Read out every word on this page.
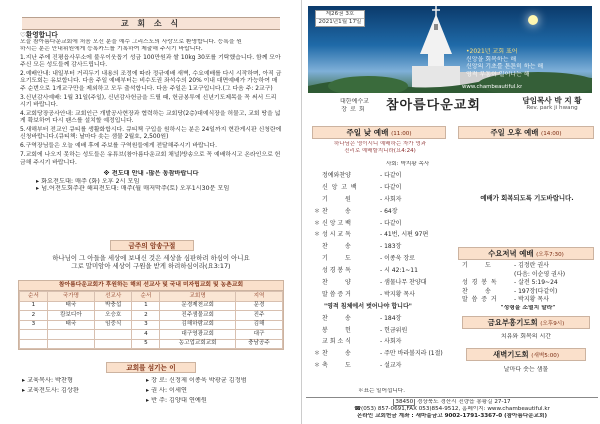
교 회 소 식
♡환영합니다
오늘 참아름다운교회에 처음 오신 분을 예수 그리스도의 사랑으로 환영합니다. 등록을 원
하시는 분은 안내위원에게 등록카드를 기록하여 제출해 주시기 바랍니다.
1.지난 주에 진평읍사무소에 불우이웃돕기 성금 100만원과 쌀 10kg 30포를 기탁했습니다. 함께 모아주신 모든 성도들께 감사드립니다.
2.예배안내: 내일부터 거리두기 내용의 조정에 따라 정규예배 새벽, 수요예배를 다시 시작하며, 아직 금요기도회는 유보합니다. 다음 주일 예배부터는 비수도권 좌석수의 20% 이내 대면예배가 가능하여 매주 순번으로 1개교구만을 제외하고 모두 출석합니다. 다음 주일은 1교구입니다.(그 다음 주: 2교구)
3.신년감사예배: 1월 31일(주일), 신년감사헌금을 드릴 때, 헌금봉투에 신년기도제목을 꼭 써서 드리시기 바랍니다.
4.교회당장공사안내: 교회인근 개발공사현장과 협력하는 교회당(2층)대예식장을 허물고, 교회 땅을 넓게 확보하여 다시 팬스를 설치할 예정입니다.
5.새해부터 전교인 큐티를 생활화합시다. 큐티책 구입을 원하시는 분은 24일까지 현관게시판 신청란에 신청바랍니다.(큐티책: 날마다 솟는 샘물 2월호, 2,500원)
6.구역장님들은 오늘 예배 후에 주보를 구역원들에게 전달해주시기 바랍니다.
7.교회에 나오지 못하는 성도들은 유튜브(참아름다운교회 채널)방송으로 꼭 예배하시고 온라인으로 헌금해 주시기 바랍니다.
※ 전도대 안내 -많은 동참바랍니다
▸ 화요전도대: 매주 (화) 오후 2시 모임
▸ 넘.어전도회주관 해피전도대: 매주(월 매저막주(토) 오후1시30분 모임
금주의 암송구절
하나님이 그 아들을 세상에 보내신 것은 세상을 심판하려 하심이 아니요
그로 말미암아 세상이 구원을 받게 하려하심이라(요3:17)
참아름다운교회가 후원하는 해외 선교사 및 국내 미자립교회 및 농촌교회
순서	국가명	선교사	순서	교회명	지역
1	태국	박충섭	1	문경제천교회	문경
2	캄보디아	오승호	2	진주샘물교회	진주
3	태국	임중식	3	김해하람교회	김해
			4	대구영광교회	대구
			5	농고업교회교회	충남공주
교회를 섬기는 이
▸ 교육목사: 박찬형
▸ 교육전도사: 김상완
▸ 장 로: 신정제 이종욱 박광균 김정범
▸ 권 사: 이세연
▸ 반 주: 김양대 연예원
제26권 3호
2021년1월 17일
•2021년 교회 표어
신앙을 회복하는 해
신앙의 기초를 튼튼히 하는 해
영적 부흥이 일어나는 해
www.chambeautiful.kr
대한예수교
장로회 참아름다운교회	담임목사 박 지 황
Rev. park ji hwang
주일 낮 예배 (11:00)
하나님은 영이시니 예배하는 자가 영과
진리로 예배할지니라(요4:24)
사회: 박지황 목사
정예와찬양	- 다같이
신  앙  고  백	- 다같이
기         원	- 사회자
＊ 찬         송	- 64장
＊ 신 앙 고 백	- 다같이
＊ 성 시 교 독	- 41번, 시편 97편
찬         송	- 183장
기         도	- 이종욱 장로
성 경 봉 독	- 시 42:1~11
찬         양	- 샘물나무 찬양대
말 씀 증 거	- 박지황 목사
"영적 침체에서 벗어나야 합니다"
찬         송	- 184장
봉         헌	- 헌금위원
교 회 소 식	- 사회자
＊ 찬         송	- 주만 바라볼지라 (1절)
＊ 축         도	- 설교자
＊표는 일어섭니다.
주일 오후 예배 (14:00)
예배가 회복되도록 기도바랍니다.
수요저녁 예배 (오후7:30)
기         도	- 김정란 권사
(다음: 이순영 권사)
성  경  봉  독	- 살전 5:19~24
찬         송	- 197장(다같이)
말  씀  증  거	- 박지황 목사
"성령을 소멸치 말라"
금요부흥기도회 (오후9시)
치유와 회복의 시간
새벽기도회 (새벽5:00)
날마다 솟는 샘물
38450 경상북도 경산시 진량읍 봉황길 27-17
☎(053) 857-0691,FAX 053)854-9512, 홈페이지: www.chambeautiful.kr
온라인 교회헌금 계좌 : 새마을금고 9002-1791-3367-0 (참아름다운교회)
